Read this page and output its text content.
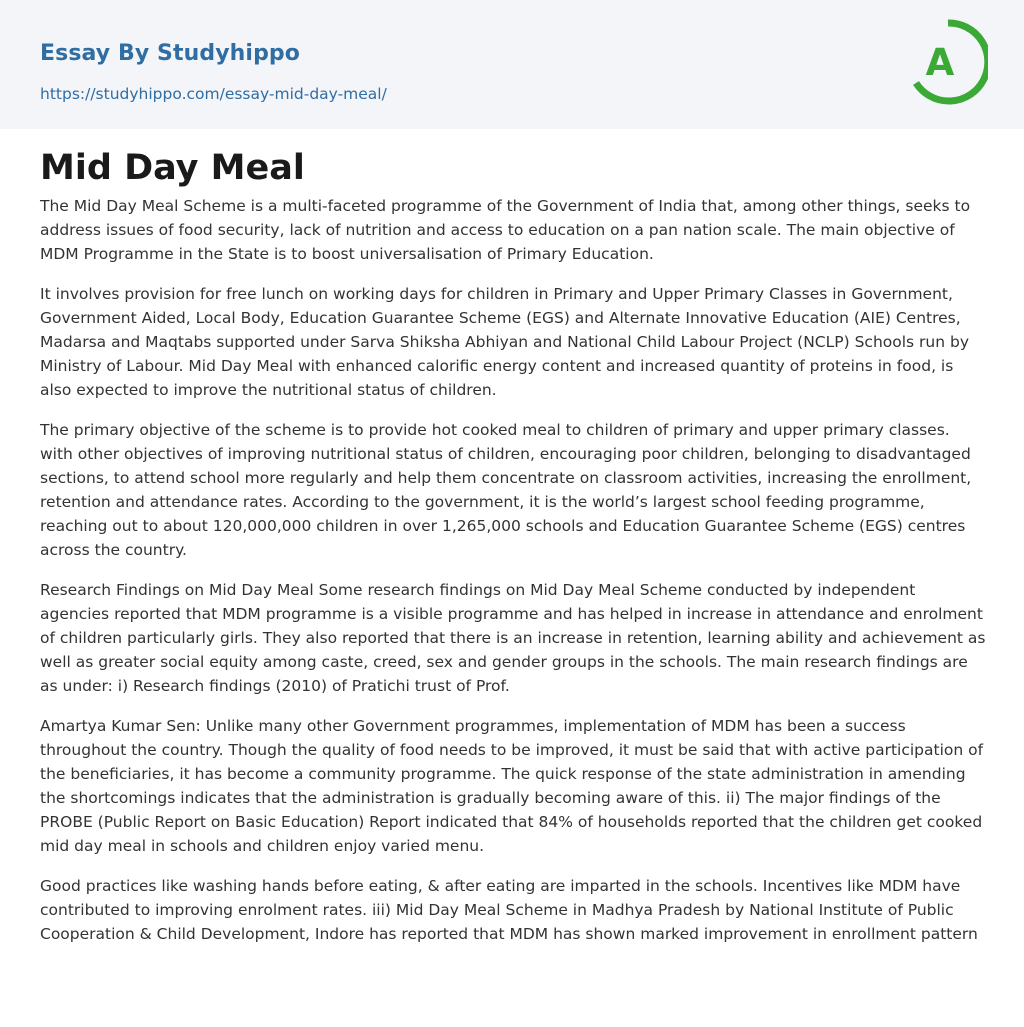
Essay By Studyhippo
https://studyhippo.com/essay-mid-day-meal/
A
Mid Day Meal

The Mid Day Meal Scheme is a multi-faceted programme of the Government of India that, among other things, seeks to address issues of food security, lack of nutrition and access to education on a pan nation scale. The main objective of MDM Programme in the State is to boost universalisation of Primary Education.

It involves provision for free lunch on working days for children in Primary and Upper Primary Classes in Government, Government Aided, Local Body, Education Guarantee Scheme (EGS) and Alternate Innovative Education (AIE) Centres, Madarsa and Maqtabs supported under Sarva Shiksha Abhiyan and National Child Labour Project (NCLP) Schools run by Ministry of Labour. Mid Day Meal with enhanced calorific energy content and increased quantity of proteins in food, is also expected to improve the nutritional status of children.

The primary objective of the scheme is to provide hot cooked meal to children of primary and upper primary classes. with other objectives of improving nutritional status of children, encouraging poor children, belonging to disadvantaged sections, to attend school more regularly and help them concentrate on classroom activities, increasing the enrollment, retention and attendance rates. According to the government, it is the world’s largest school feeding programme, reaching out to about 120,000,000 children in over 1,265,000 schools and Education Guarantee Scheme (EGS) centres across the country.

Research Findings on Mid Day Meal Some research findings on Mid Day Meal Scheme conducted by independent agencies reported that MDM programme is a visible programme and has helped in increase in attendance and enrolment of children particularly girls. They also reported that there is an increase in retention, learning ability and achievement as well as greater social equity among caste, creed, sex and gender groups in the schools. The main research findings are as under: i) Research findings (2010) of Pratichi trust of Prof.

Amartya Kumar Sen: Unlike many other Government programmes, implementation of MDM has been a success throughout the country. Though the quality of food needs to be improved, it must be said that with active participation of the beneficiaries, it has become a community programme. The quick response of the state administration in amending the shortcomings indicates that the administration is gradually becoming aware of this. ii) The major findings of the PROBE (Public Report on Basic Education) Report indicated that 84% of households reported that the children get cooked mid day meal in schools and children enjoy varied menu.

Good practices like washing hands before eating, & after eating are imparted in the schools. Incentives like MDM have contributed to improving enrolment rates. iii) Mid Day Meal Scheme in Madhya Pradesh by National Institute of Public Cooperation & Child Development, Indore has reported that MDM has shown marked improvement in enrollment pattern
